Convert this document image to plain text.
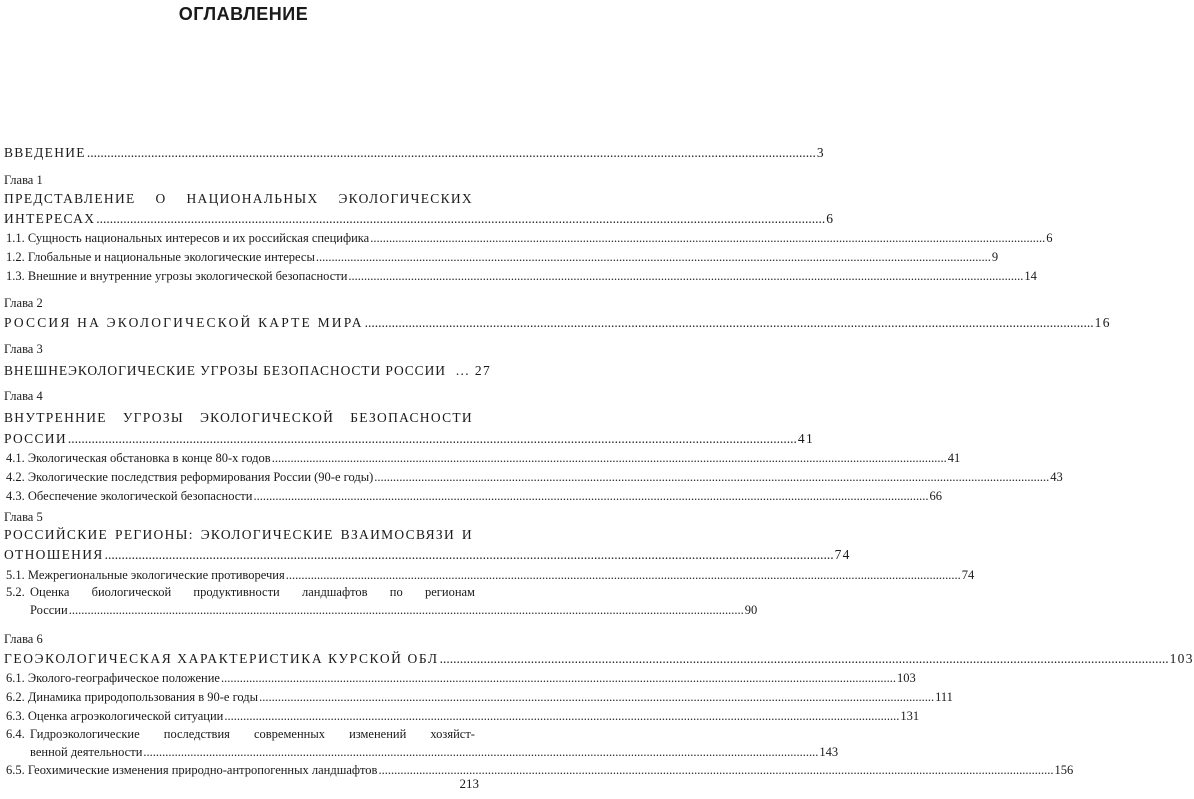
ОГЛАВЛЕНИЕ
ВВЕДЕНИЕ .....	3
Глава 1
ПРЕДСТАВЛЕНИЕ О НАЦИОНАЛЬНЫХ ЭКОЛОГИЧЕСКИХ
ИНТЕРЕСАХ .....	6
1.1. Сущность национальных интересов и их российская специфика .....	6
1.2. Глобальные и национальные экологические интересы .....	9
1.3. Внешние и внутренние угрозы экологической безопасности .....	14
Глава 2
РОССИЯ НА ЭКОЛОГИЧЕСКОЙ КАРТЕ МИРА .....	16
Глава 3
ВНЕШНЕЭКОЛОГИЧЕСКИЕ УГРОЗЫ БЕЗОПАСНОСТИ РОССИИ ... 27
Глава 4
ВНУТРЕННИЕ УГРОЗЫ ЭКОЛОГИЧЕСКОЙ БЕЗОПАСНОСТИ
РОССИИ .....	41
4.1. Экологическая обстановка в конце 80-х годов .....	41
4.2. Экологические последствия реформирования России (90-е годы) .....	43
4.3. Обеспечение экологической безопасности .....	66
Глава 5
РОССИЙСКИЕ РЕГИОНЫ: ЭКОЛОГИЧЕСКИЕ ВЗАИМОСВЯЗИ И
ОТНОШЕНИЯ .....	74
5.1. Межрегиональные экологические противоречия .....	74
5.2. Оценка биологической продуктивности ландшафтов по регионам
России .....	90
Глава 6
ГЕОЭКОЛОГИЧЕСКАЯ ХАРАКТЕРИСТИКА КУРСКОЙ ОБЛ .....	103
6.1. Эколого-географическое положение .....	103
6.2. Динамика природопользования в 90-е годы .....	111
6.3. Оценка агроэкологической ситуации .....	131
6.4. Гидроэкологические последствия современных изменений хозяйст-
венной деятельности .....	143
6.5. Геохимические изменения природно-антропогенных ландшафтов .....	156
213
